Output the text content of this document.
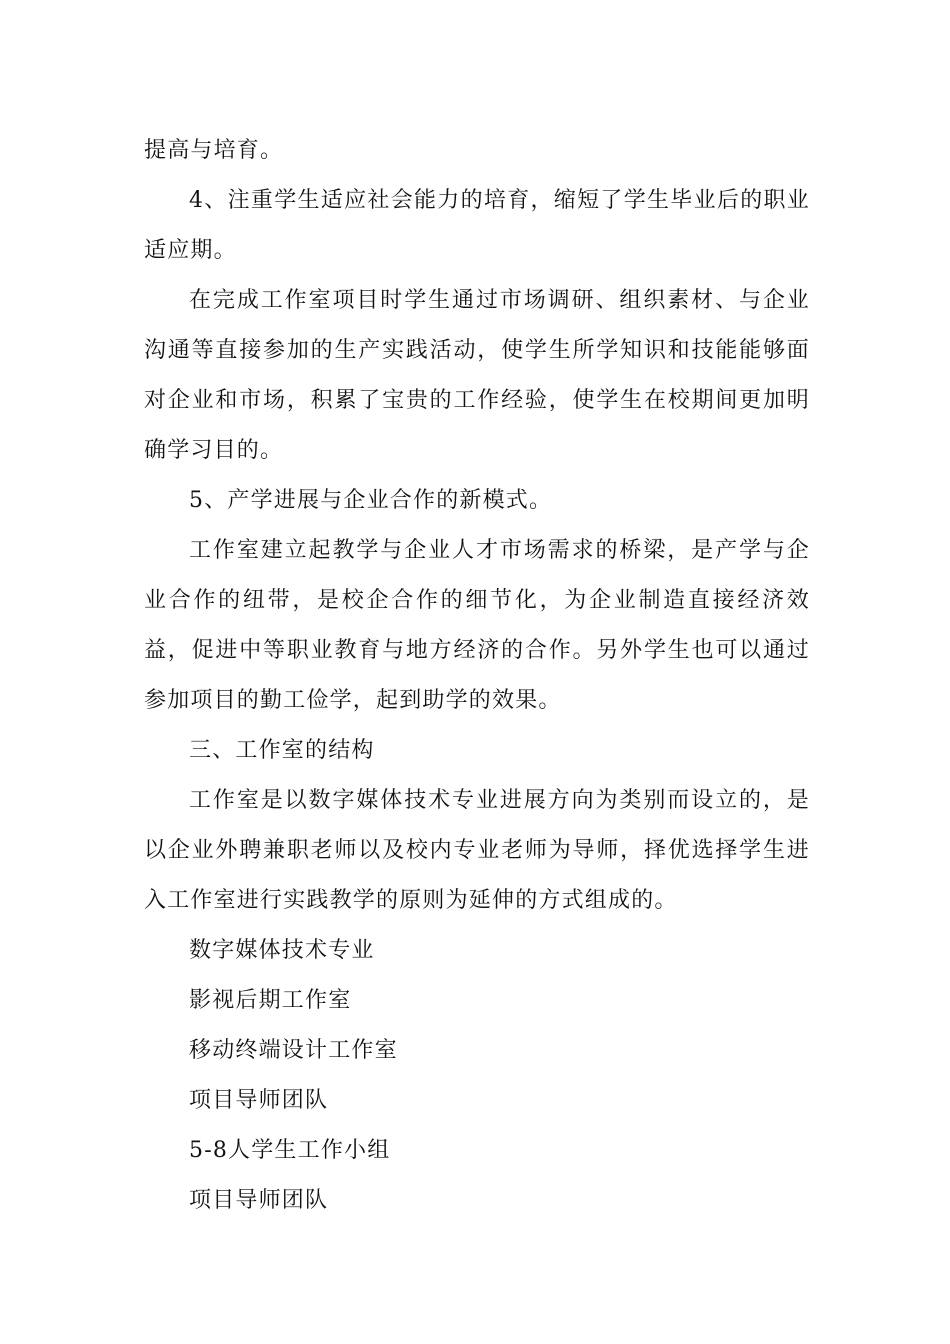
提高与培育。

4、注重学生适应社会能力的培育，缩短了学生毕业后的职业适应期。

在完成工作室项目时学生通过市场调研、组织素材、与企业沟通等直接参加的生产实践活动，使学生所学知识和技能能够面对企业和市场，积累了宝贵的工作经验，使学生在校期间更加明确学习目的。

5、产学进展与企业合作的新模式。

工作室建立起教学与企业人才市场需求的桥梁，是产学与企业合作的纽带，是校企合作的细节化，为企业制造直接经济效益，促进中等职业教育与地方经济的合作。另外学生也可以通过参加项目的勤工俭学，起到助学的效果。

三、工作室的结构

工作室是以数字媒体技术专业进展方向为类别而设立的，是以企业外聘兼职老师以及校内专业老师为导师，择优选择学生进入工作室进行实践教学的原则为延伸的方式组成的。

数字媒体技术专业

影视后期工作室

移动终端设计工作室

项目导师团队

5-8人学生工作小组

项目导师团队
